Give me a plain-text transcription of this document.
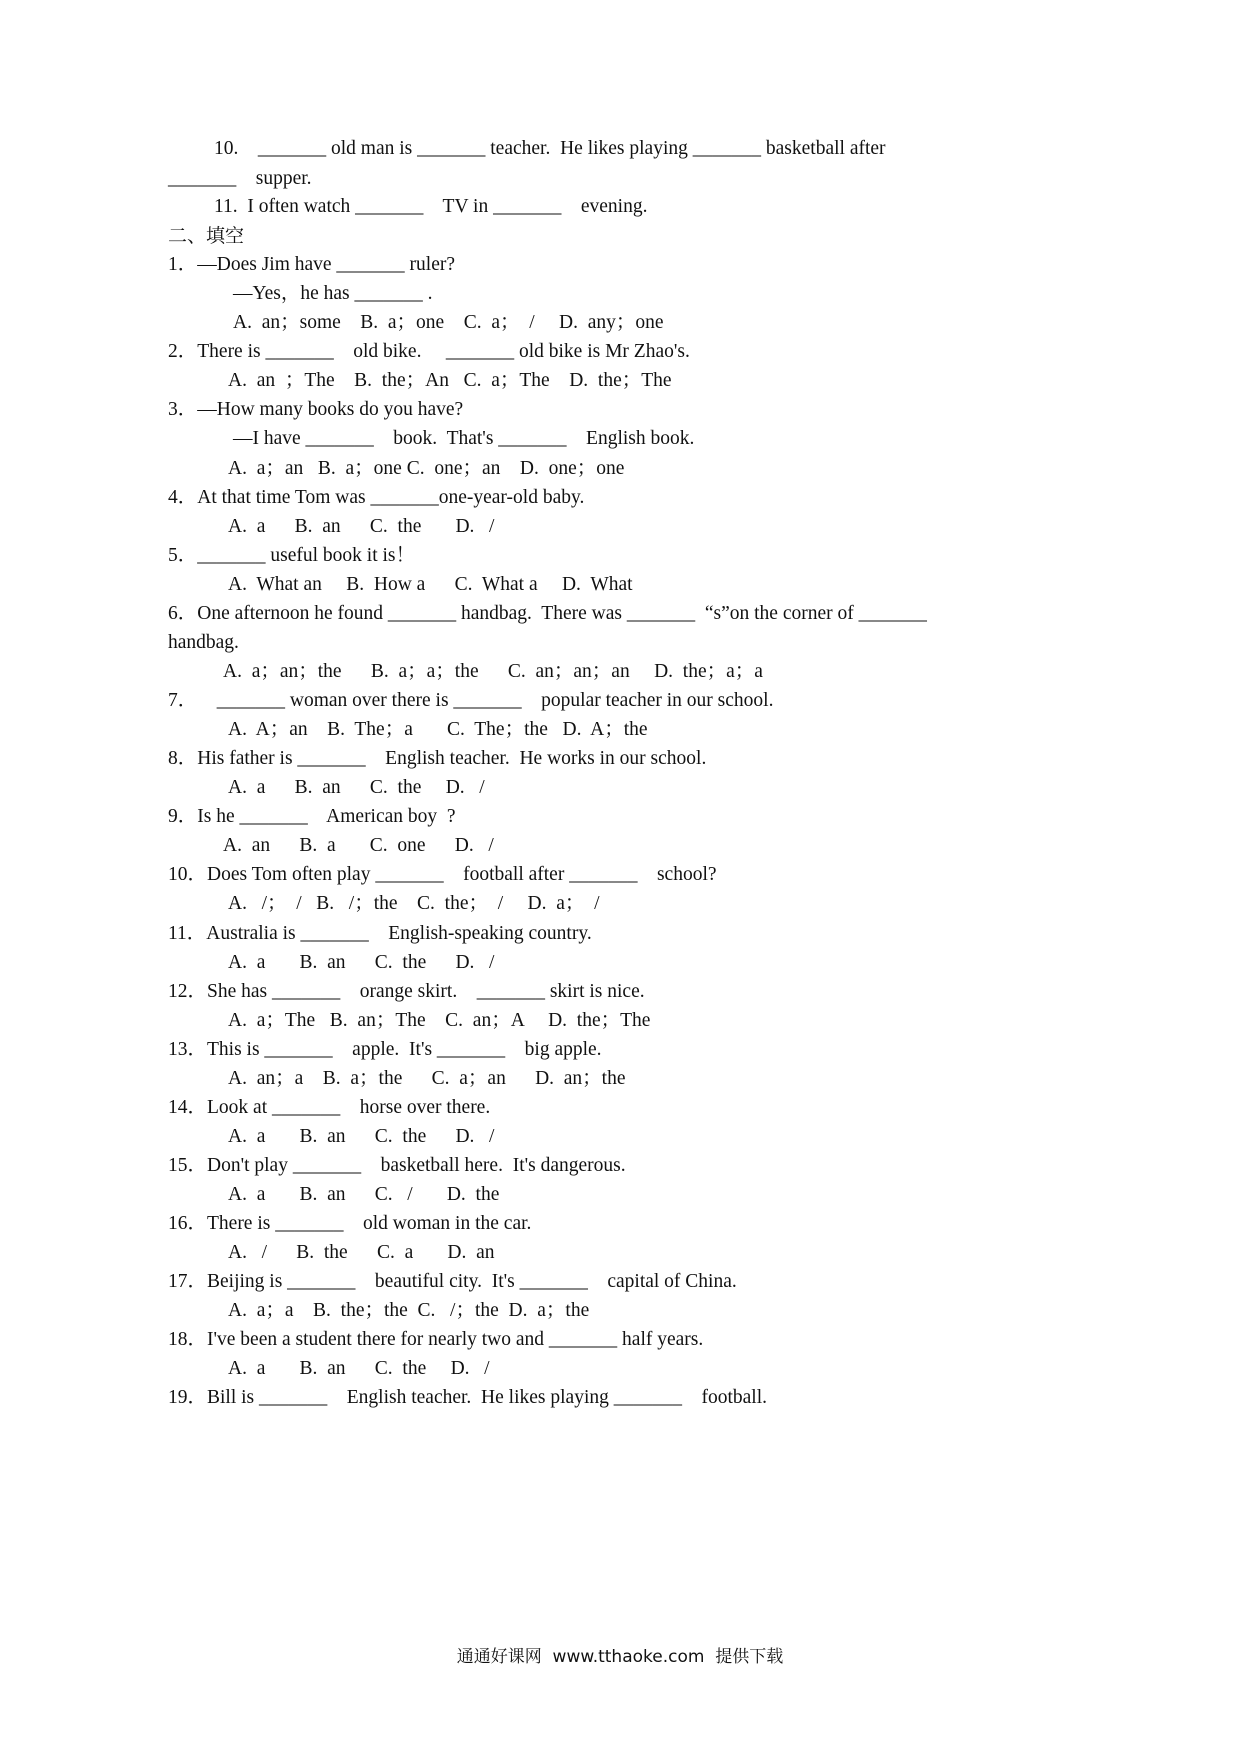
10.    _______ old man is _______ teacher.  He likes playing _______ basketball after
_______    supper.
11.  I often watch _______    TV in _______    evening.
二、填空
1．—Does Jim have _______ ruler?
—Yes，he has _______ .
A.  an；some    B.  a；one    C.  a；  /     D.  any；one
2．There is _______    old bike.     _______ old bike is Mr Zhao's.
A.  an  ；The    B.  the；An   C.  a；The    D.  the；The
3．—How many books do you have?
—I have _______    book.  That's _______    English book.
A.  a；an   B.  a；one C.  one；an    D.  one；one
4．At that time Tom was _______one-year-old baby.
A.  a      B.  an      C.  the       D.   /
5．_______ useful book it is！
A.  What an     B.  How a      C.  What a     D.  What
6．One afternoon he found _______ handbag.  There was _______  “s”on the corner of _______
handbag.
A.  a；an；the      B.  a；a；the      C.  an；an；an     D.  the；a；a
7．    _______ woman over there is _______    popular teacher in our school.
A.  A；an    B.  The；a       C.  The；the   D.  A；the
8．His father is _______    English teacher.  He works in our school.
A.  a      B.  an      C.  the     D.   /
9．Is he _______    American boy  ?
A.  an      B.  a       C.  one      D.   /
10．Does Tom often play _______    football after _______    school?
A.   /；  /   B.   /；the    C.  the；  /     D.  a；  /
11．Australia is _______    English-speaking country.
A.  a       B.  an      C.  the      D.   /
12．She has _______    orange skirt.    _______ skirt is nice.
A.  a；The   B.  an；The    C.  an；A     D.  the；The
13．This is _______    apple.  It's _______    big apple.
A.  an；a    B.  a；the      C.  a；an      D.  an；the
14．Look at _______    horse over there.
A.  a       B.  an      C.  the      D.   /
15．Don't play _______    basketball here.  It's dangerous.
A.  a       B.  an      C.   /       D.  the
16．There is _______    old woman in the car.
A.   /      B.  the      C.  a       D.  an
17．Beijing is _______    beautiful city.  It's _______    capital of China.
A.  a；a    B.  the；the  C.   /；the  D.  a；the
18．I've been a student there for nearly two and _______ half years.
A.  a       B.  an      C.  the     D.   /
19．Bill is _______    English teacher.  He likes playing _______    football.
通通好课网  www.tthaoke.com  提供下载
